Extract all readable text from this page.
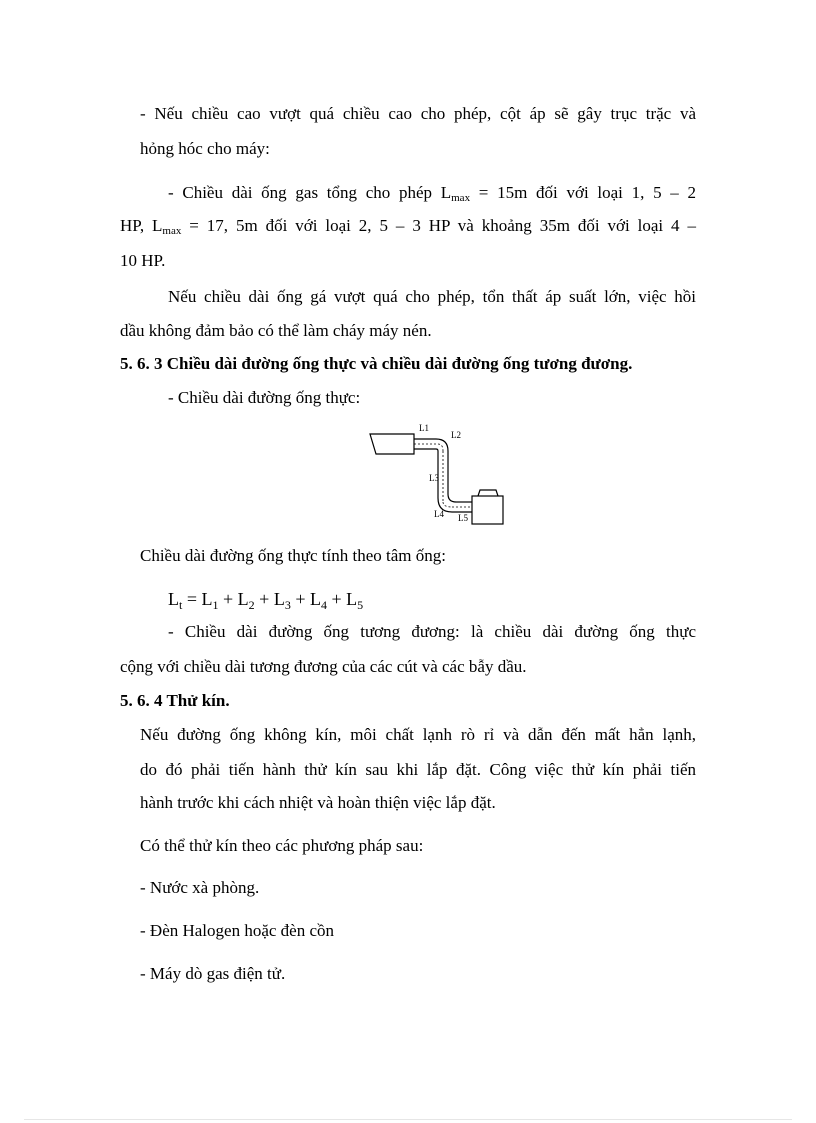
- Nếu chiều cao vượt quá chiều cao cho phép, cột áp sẽ gây trục trặc và
hỏng hóc cho máy:
- Chiều dài ống gas tổng cho phép $L_{max} = 15m$ đối với loại 1, 5 – 2
HP, $L_{max} = 17$, 5m đối với loại 2, 5 – 3 HP và khoảng 35m đối với loại 4 –
10 HP.
Nếu chiều dài ống gá vượt quá cho phép, tổn thất áp suất lớn, việc hồi
dầu không đảm bảo có thể làm cháy máy nén.
5. 6. 3 Chiều dài đường ống thực và chiều dài đường ống tương đương.
- Chiều dài đường ống thực:
L1
L2
L3
L4 L5
Chiều dài đường ống thực tính theo tâm ống:
$L_t = L_1 + L_2 + L_3 + L_4 + L_5$
- Chiều dài đường ống tương đương: là chiều dài đường ống thực
cộng với chiều dài tương đương của các cút và các bẫy dầu.
5. 6. 4 Thử kín.
Nếu đường ống không kín, môi chất lạnh rò rỉ và dẫn đến mất hẳn lạnh,
do đó phải tiến hành thử kín sau khi lắp đặt. Công việc thử kín phải tiến
hành trước khi cách nhiệt và hoàn thiện việc lắp đặt.
Có thể thử kín theo các phương pháp sau:
- Nước xà phòng.
- Đèn Halogen hoặc đèn cồn
- Máy dò gas điện tử.
